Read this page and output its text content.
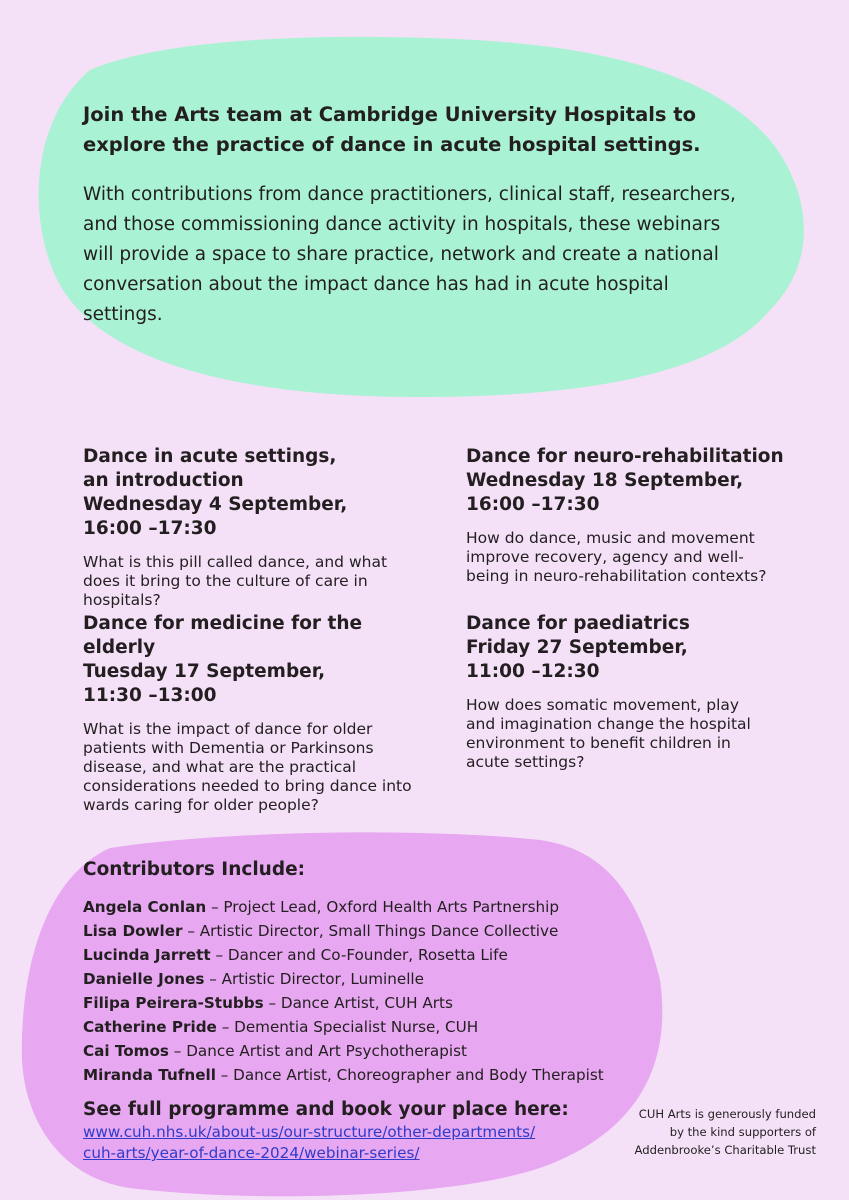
Join the Arts team at Cambridge University Hospitals to explore the practice of dance in acute hospital settings.

With contributions from dance practitioners, clinical staff, researchers, and those commissioning dance activity in hospitals, these webinars will provide a space to share practice, network and create a national conversation about the impact dance has had in acute hospital settings.

Dance in acute settings,
an introduction
Wednesday 4 September,
16:00 –17:30

What is this pill called dance, and what does it bring to the culture of care in hospitals?

Dance for neuro-rehabilitation
Wednesday 18 September,
16:00 –17:30

How do dance, music and movement improve recovery, agency and well-being in neuro-rehabilitation contexts?

Dance for medicine for the elderly
Tuesday 17 September,
11:30 –13:00

What is the impact of dance for older patients with Dementia or Parkinsons disease, and what are the practical considerations needed to bring dance into wards caring for older people?

Dance for paediatrics
Friday 27 September,
11:00 –12:30

How does somatic movement, play and imagination change the hospital environment to benefit children in acute settings?

Contributors Include:
Angela Conlan – Project Lead, Oxford Health Arts Partnership
Lisa Dowler – Artistic Director, Small Things Dance Collective
Lucinda Jarrett – Dancer and Co-Founder, Rosetta Life
Danielle Jones – Artistic Director, Luminelle
Filipa Peirera-Stubbs – Dance Artist, CUH Arts
Catherine Pride – Dementia Specialist Nurse, CUH
Cai Tomos – Dance Artist and Art Psychotherapist
Miranda Tufnell – Dance Artist, Choreographer and Body Therapist
See full programme and book your place here:
www.cuh.nhs.uk/about-us/our-structure/other-departments/
cuh-arts/year-of-dance-2024/webinar-series/

CUH Arts is generously funded
by the kind supporters of
Addenbrooke’s Charitable Trust
